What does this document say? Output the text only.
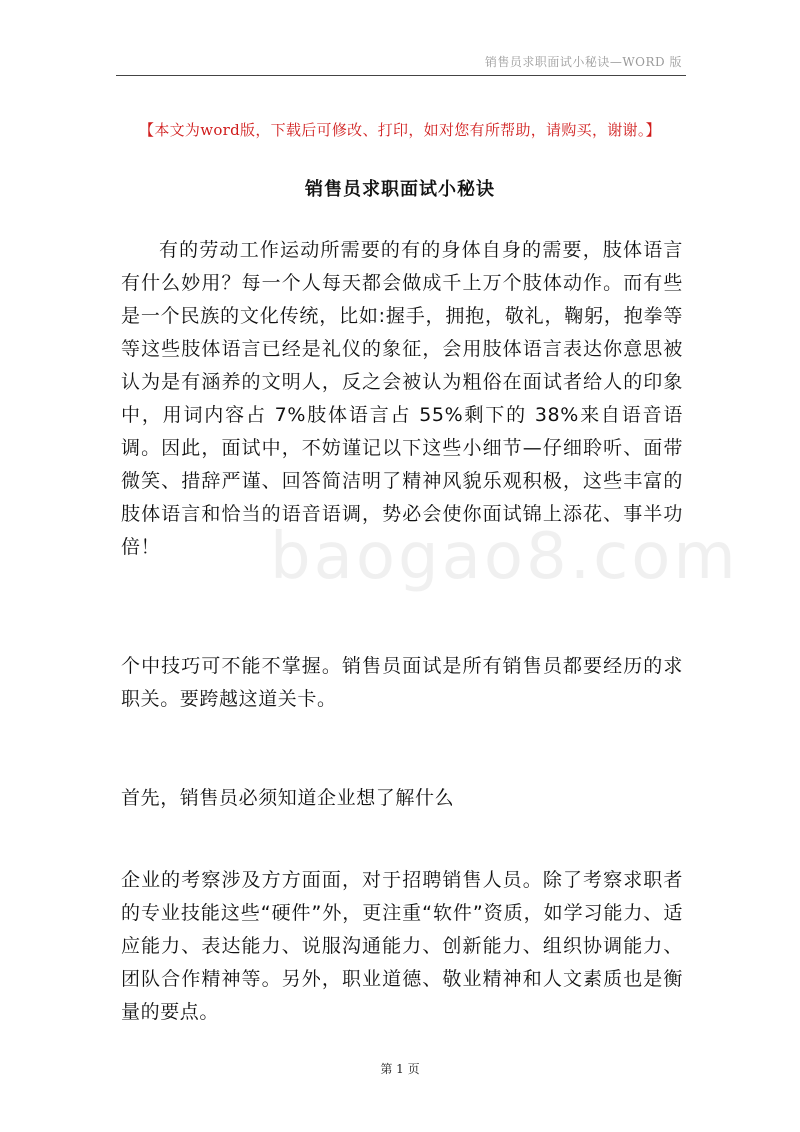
销售员求职面试小秘诀—WORD 版
【本文为word版，下载后可修改、打印，如对您有所帮助，请购买，谢谢。】
销售员求职面试小秘诀

有的劳动工作运动所需要的有的身体自身的需要，肢体语言有什么妙用？每一个人每天都会做成千上万个肢体动作。而有些是一个民族的文化传统，比如:握手，拥抱，敬礼，鞠躬，抱拳等等这些肢体语言已经是礼仪的象征，会用肢体语言表达你意思被认为是有涵养的文明人，反之会被认为粗俗在面试者给人的印象中，用词内容占 7%肢体语言占 55%剩下的 38%来自语音语调。因此，面试中，不妨谨记以下这些小细节—仔细聆听、面带微笑、措辞严谨、回答简洁明了精神风貌乐观积极，这些丰富的肢体语言和恰当的语音语调，势必会使你面试锦上添花、事半功倍！

个中技巧可不能不掌握。销售员面试是所有销售员都要经历的求职关。要跨越这道关卡。

首先，销售员必须知道企业想了解什么

企业的考察涉及方方面面，对于招聘销售人员。除了考察求职者的专业技能这些“硬件”外，更注重“软件”资质，如学习能力、适应能力、表达能力、说服沟通能力、创新能力、组织协调能力、团队合作精神等。另外，职业道德、敬业精神和人文素质也是衡量的要点。

baogao8.com
第 1 页
